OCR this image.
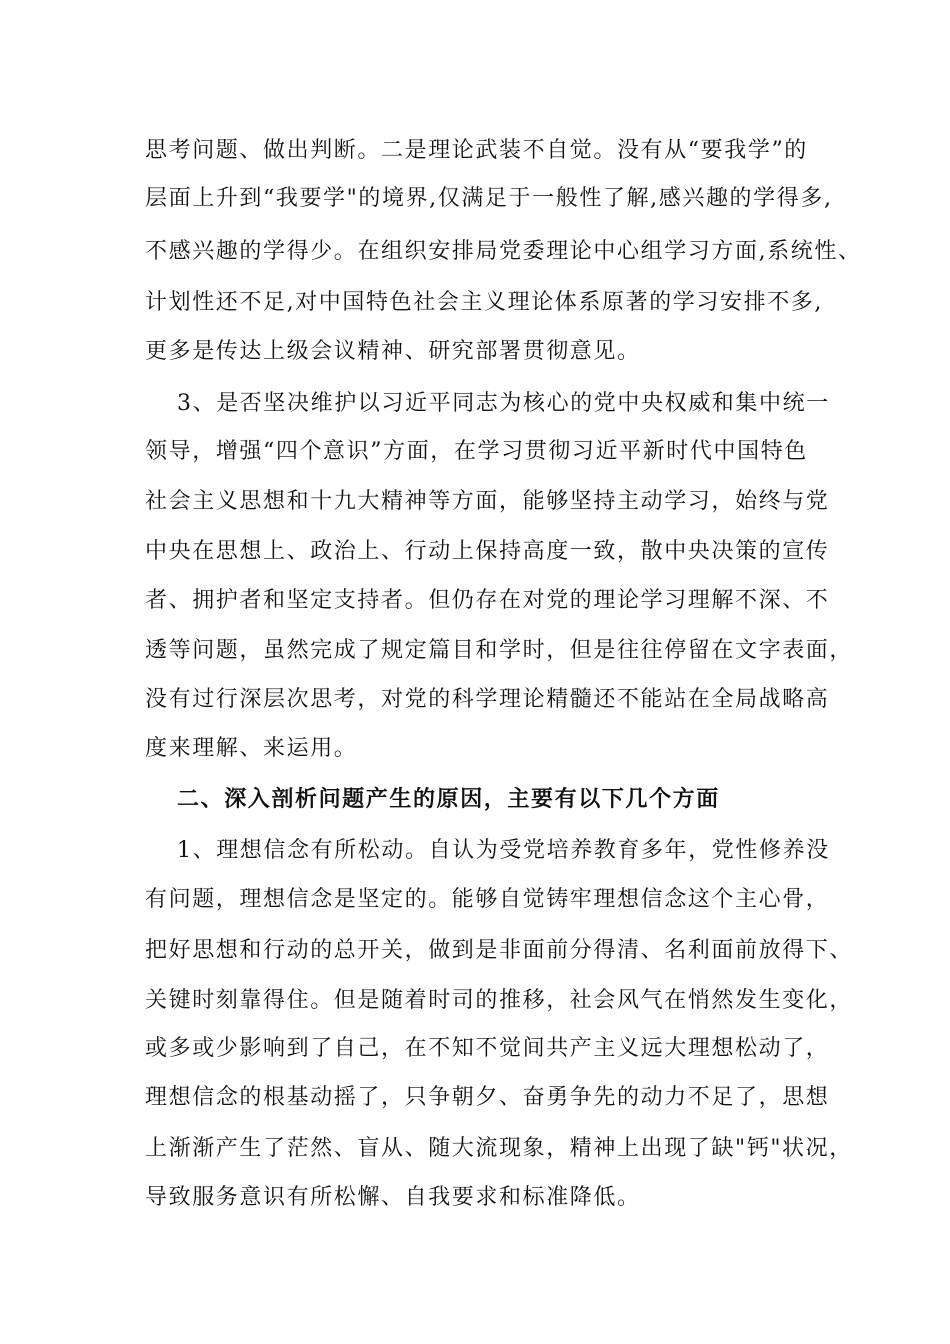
思考问题、做出判断。二是理论武装不自觉。没有从“要我学”的
层面上升到“我要学"的境界,仅满足于一般性了解,感兴趣的学得多,
不感兴趣的学得少。在组织安排局党委理论中心组学习方面,系统性、
计划性还不足,对中国特色社会主义理论体系原著的学习安排不多,
更多是传达上级会议精神、研究部署贯彻意见。
3、是否坚决维护以习近平同志为核心的党中央权威和集中统一
领导，增强“四个意识”方面，在学习贯彻习近平新时代中国特色
社会主义思想和十九大精神等方面，能够坚持主动学习，始终与党
中央在思想上、政治上、行动上保持高度一致，散中央决策的宣传
者、拥护者和坚定支持者。但仍存在对党的理论学习理解不深、不
透等问题，虽然完成了规定篇目和学时，但是往往停留在文字表面，
没有过行深层次思考，对党的科学理论精髓还不能站在全局战略高
度来理解、来运用。
二、深入剖析问题产生的原因，主要有以下几个方面
1、理想信念有所松动。自认为受党培养教育多年，党性修养没
有问题，理想信念是坚定的。能够自觉铸牢理想信念这个主心骨，
把好思想和行动的总开关，做到是非面前分得清、名利面前放得下、
关键时刻靠得住。但是随着时司的推移，社会风气在悄然发生变化，
或多或少影响到了自己，在不知不觉间共产主义远大理想松动了，
理想信念的根基动摇了，只争朝夕、奋勇争先的动力不足了，思想
上渐渐产生了茫然、盲从、随大流现象，精神上出现了缺"钙"状况，
导致服务意识有所松懈、自我要求和标准降低。
